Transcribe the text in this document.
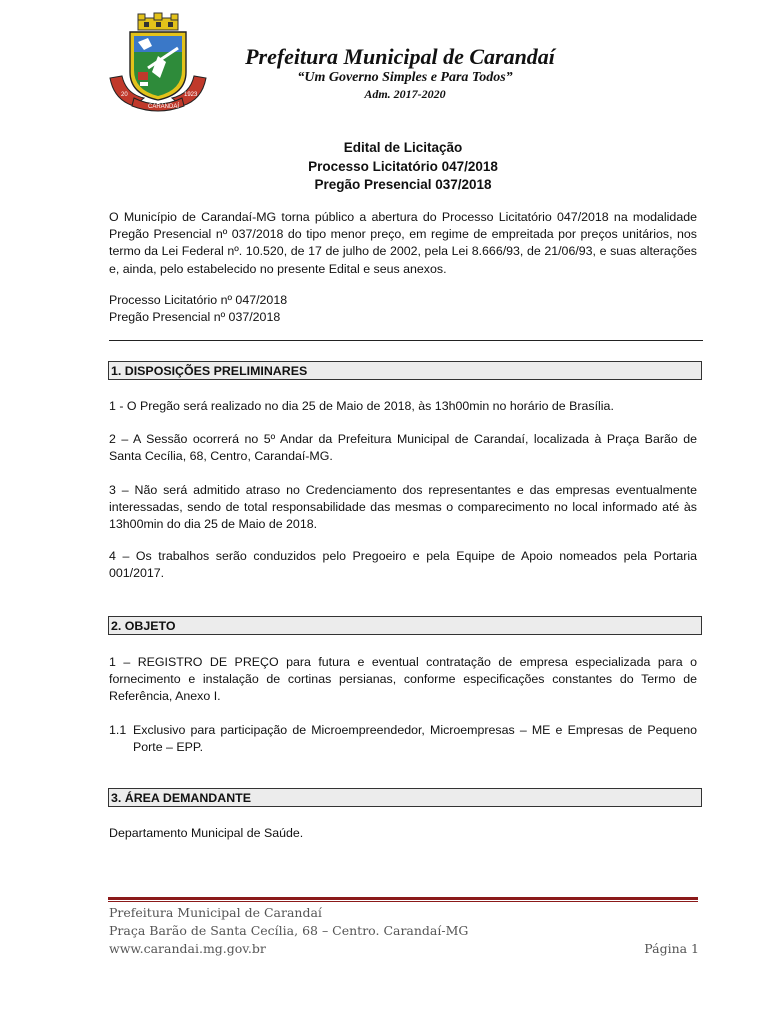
20
CARANDAÍ
1923
Prefeitura Municipal de Carandaí
“Um Governo Simples e Para Todos”
Adm. 2017-2020
Edital de Licitação
Processo Licitatório 047/2018
Pregão Presencial 037/2018
O Município de Carandaí-MG torna público a abertura do Processo Licitatório 047/2018 na modalidade Pregão Presencial nº 037/2018 do tipo menor preço, em regime de empreitada por preços unitários, nos termo da Lei Federal nº. 10.520, de 17 de julho de 2002, pela Lei 8.666/93, de 21/06/93, e suas alterações e, ainda, pelo estabelecido no presente Edital e seus anexos.
Processo Licitatório nº 047/2018
Pregão Presencial nº 037/2018
1. DISPOSIÇÕES PRELIMINARES
1 - O Pregão será realizado no dia 25 de Maio de 2018, às 13h00min no horário de Brasília.
2 – A Sessão ocorrerá no 5º Andar da Prefeitura Municipal de Carandaí, localizada à Praça Barão de Santa Cecília, 68, Centro, Carandaí-MG.
3 – Não será admitido atraso no Credenciamento dos representantes e das empresas eventualmente interessadas, sendo de total responsabilidade das mesmas o comparecimento no local informado até às 13h00min do dia 25 de Maio de 2018.
4 – Os trabalhos serão conduzidos pelo Pregoeiro e pela Equipe de Apoio nomeados pela Portaria 001/2017.
2. OBJETO
1 – REGISTRO DE PREÇO para futura e eventual contratação de empresa especializada para o fornecimento e instalação de cortinas persianas, conforme especificações constantes do Termo de Referência, Anexo I.
1.1 Exclusivo para participação de Microempreendedor, Microempresas – ME e Empresas de Pequeno Porte – EPP.
3. ÁREA DEMANDANTE
Departamento Municipal de Saúde.
Prefeitura Municipal de Carandaí
Praça Barão de Santa Cecília, 68 – Centro. Carandaí-MG
www.carandai.mg.gov.br	Página 1
